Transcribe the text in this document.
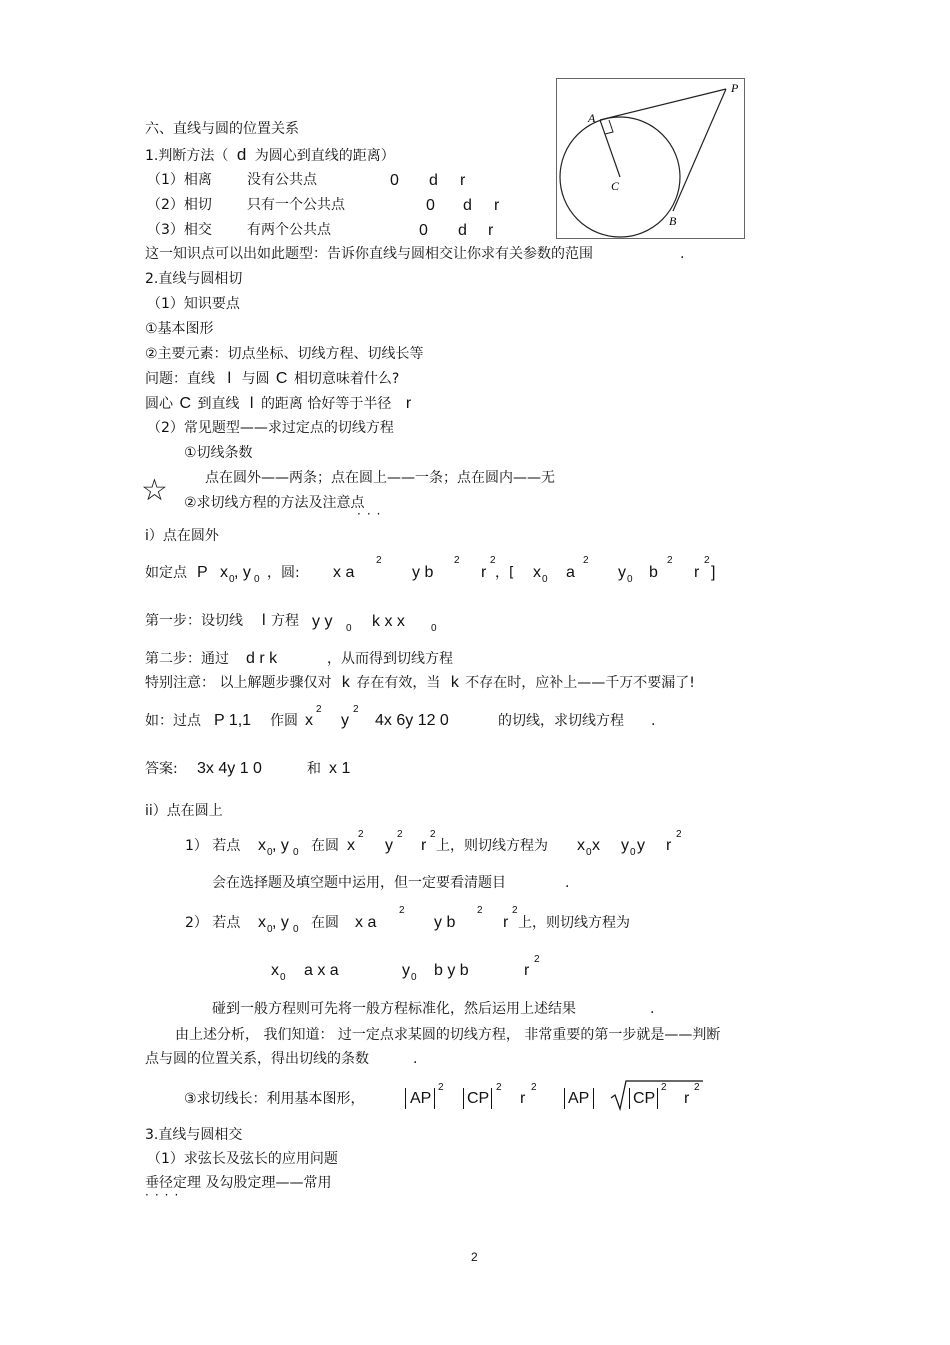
六、直线与圆的位置关系
1.判断方法（ d 为圆心到直线的距离）
（1）相离	没有公共点	0 d r
（2）相切	只有一个公共点	0 d r
（3）相交	有两个公共点	0 d r
这一知识点可以出如此题型：告诉你直线与圆相交让你求有关参数的范围	.
P
A
C
B
2.直线与圆相切
（1）知识要点
①基本图形
②主要元素：切点坐标、切线方程、切线长等
问题：直线 l 与圆 C 相切意味着什么?
圆心 C 到直线 l 的距离 恰好等于半径 r
（2）常见题型——求过定点的切线方程
①切线条数
点在圆外——两条；点在圆上——一条；点在圆内——无
☆ ②求切线方程的方法及注意点
···
i）点在圆外
如定点 P x 0 , y 0 ，圆: x a
2
y b
2
r
2
，[ x 0 a
2
y 0 b
2
r
2
]
第一步：设切线 l 方程 y y 0 k x x	0
第二步：通过 d r k	，从而得到切线方程
特别注意： 以上解题步骤仅对 k 存在有效，当 k 不存在时，应补上——千万不要漏了!
如：过点 P 1,1 作圆 x
2
y
2
4x 6y 12 0	的切线，求切线方程 .
答案: 3x 4y 1 0	和 x 1
ii）点在圆上
1） 若点 x 0 , y 0 在圆 x
2
y
2
r
2
上，则切线方程为 x 0 x y 0 y r
2
会在选择题及填空题中运用，但一定要看清题目	.
2） 若点 x 0 , y 0 在圆 x a
2
y b
2
r
2
上，则切线方程为
x 0 a x a	y 0 b y b	r
2
碰到一般方程则可先将一般方程标准化，然后运用上述结果	.
由上述分析， 我们知道： 过一定点求某圆的切线方程， 非常重要的第一步就是——判断
点与圆的位置关系，得出切线的条数	.
③求切线长：利用基本图形，	AP
2
CP
2
r
2
AP	CP
2
r
2
3.直线与圆相交
（1）求弦长及弦长的应用问题
垂径定理 及勾股定理——常用
····
2
